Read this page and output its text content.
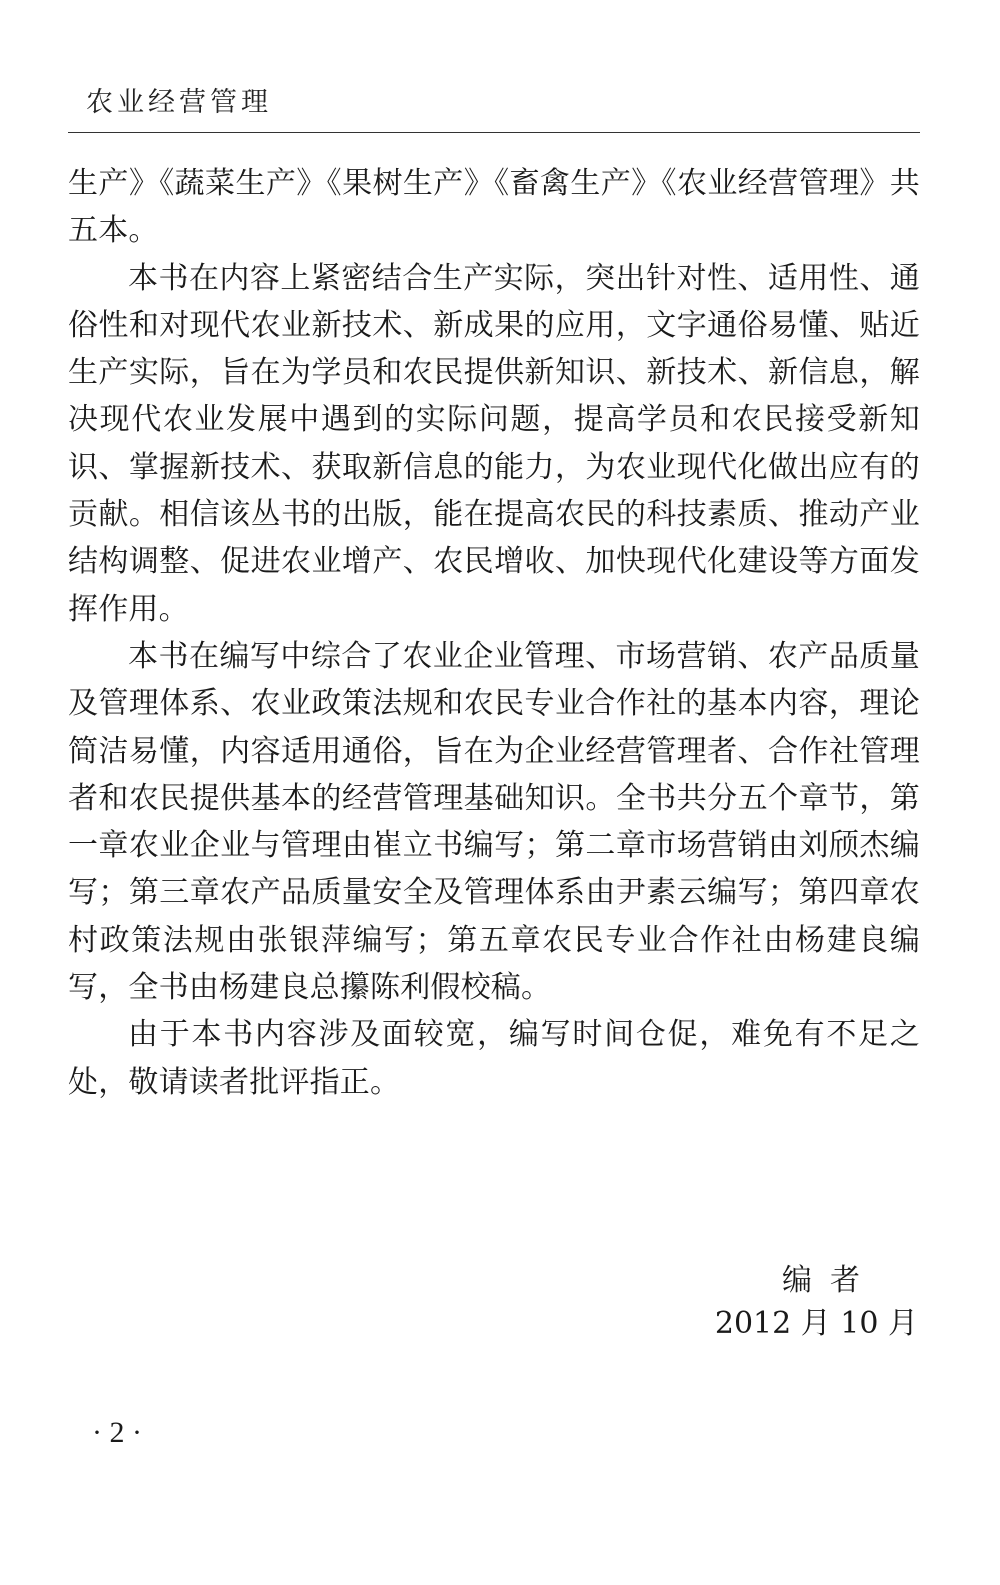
农业经营管理

生产》《蔬菜生产》《果树生产》《畜禽生产》《农业经营管理》共五本。

本书在内容上紧密结合生产实际，突出针对性、适用性、通俗性和对现代农业新技术、新成果的应用，文字通俗易懂、贴近生产实际，旨在为学员和农民提供新知识、新技术、新信息，解决现代农业发展中遇到的实际问题，提高学员和农民接受新知识、掌握新技术、获取新信息的能力，为农业现代化做出应有的贡献。相信该丛书的出版，能在提高农民的科技素质、推动产业结构调整、促进农业增产、农民增收、加快现代化建设等方面发挥作用。

本书在编写中综合了农业企业管理、市场营销、农产品质量及管理体系、农业政策法规和农民专业合作社的基本内容，理论简洁易懂，内容适用通俗，旨在为企业经营管理者、合作社管理者和农民提供基本的经营管理基础知识。全书共分五个章节，第一章农业企业与管理由崔立书编写；第二章市场营销由刘颀杰编写；第三章农产品质量安全及管理体系由尹素云编写；第四章农村政策法规由张银萍编写；第五章农民专业合作社由杨建良编写，全书由杨建良总攥陈利假校稿。

由于本书内容涉及面较宽，编写时间仓促，难免有不足之处，敬请读者批评指正。

编者
2012 月 10 月
· 2 ·
